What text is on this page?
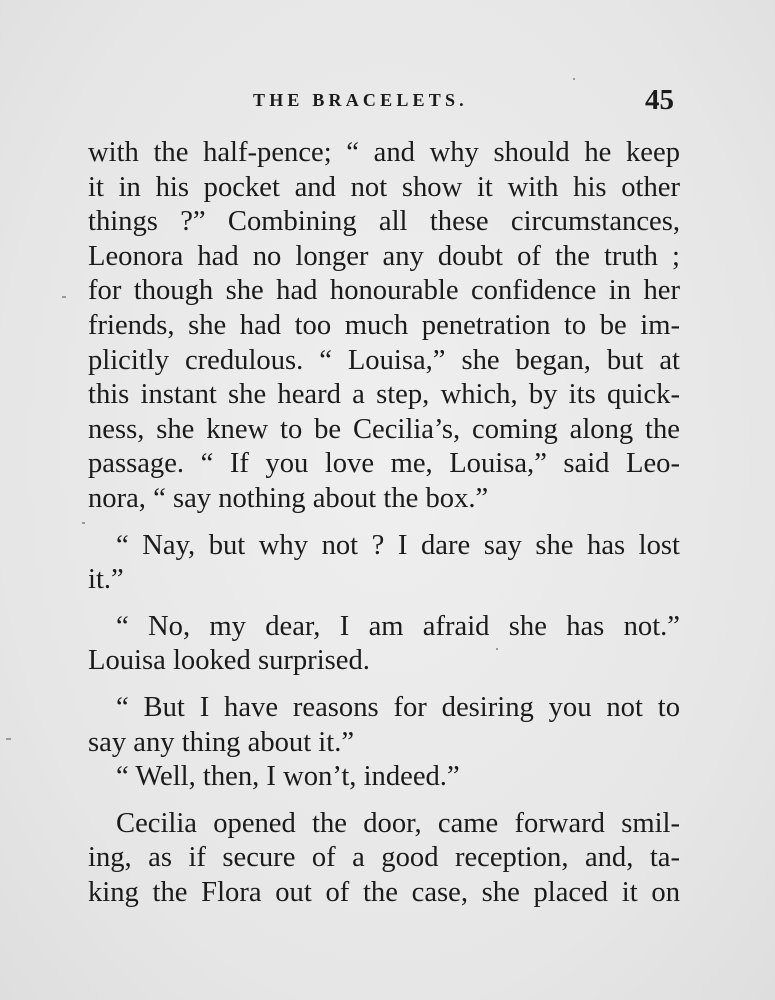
THE BRACELETS.	45
with the half-pence; “ and why should he keep
it in his pocket and not show it with his other
things ?” Combining all these circumstances,
Leonora had no longer any doubt of the truth ;
for though she had honourable confidence in her
friends, she had too much penetration to be im-
plicitly credulous. “ Louisa,” she began, but at
this instant she heard a step, which, by its quick-
ness, she knew to be Cecilia’s, coming along the
passage. “ If you love me, Louisa,” said Leo-
nora, “ say nothing about the box.”
“ Nay, but why not ? I dare say she has lost
it.”
“ No, my dear, I am afraid she has not.”
Louisa looked surprised.
“ But I have reasons for desiring you not to
say any thing about it.”
“ Well, then, I won’t, indeed.”
Cecilia opened the door, came forward smil-
ing, as if secure of a good reception, and, ta-
king the Flora out of the case, she placed it on
